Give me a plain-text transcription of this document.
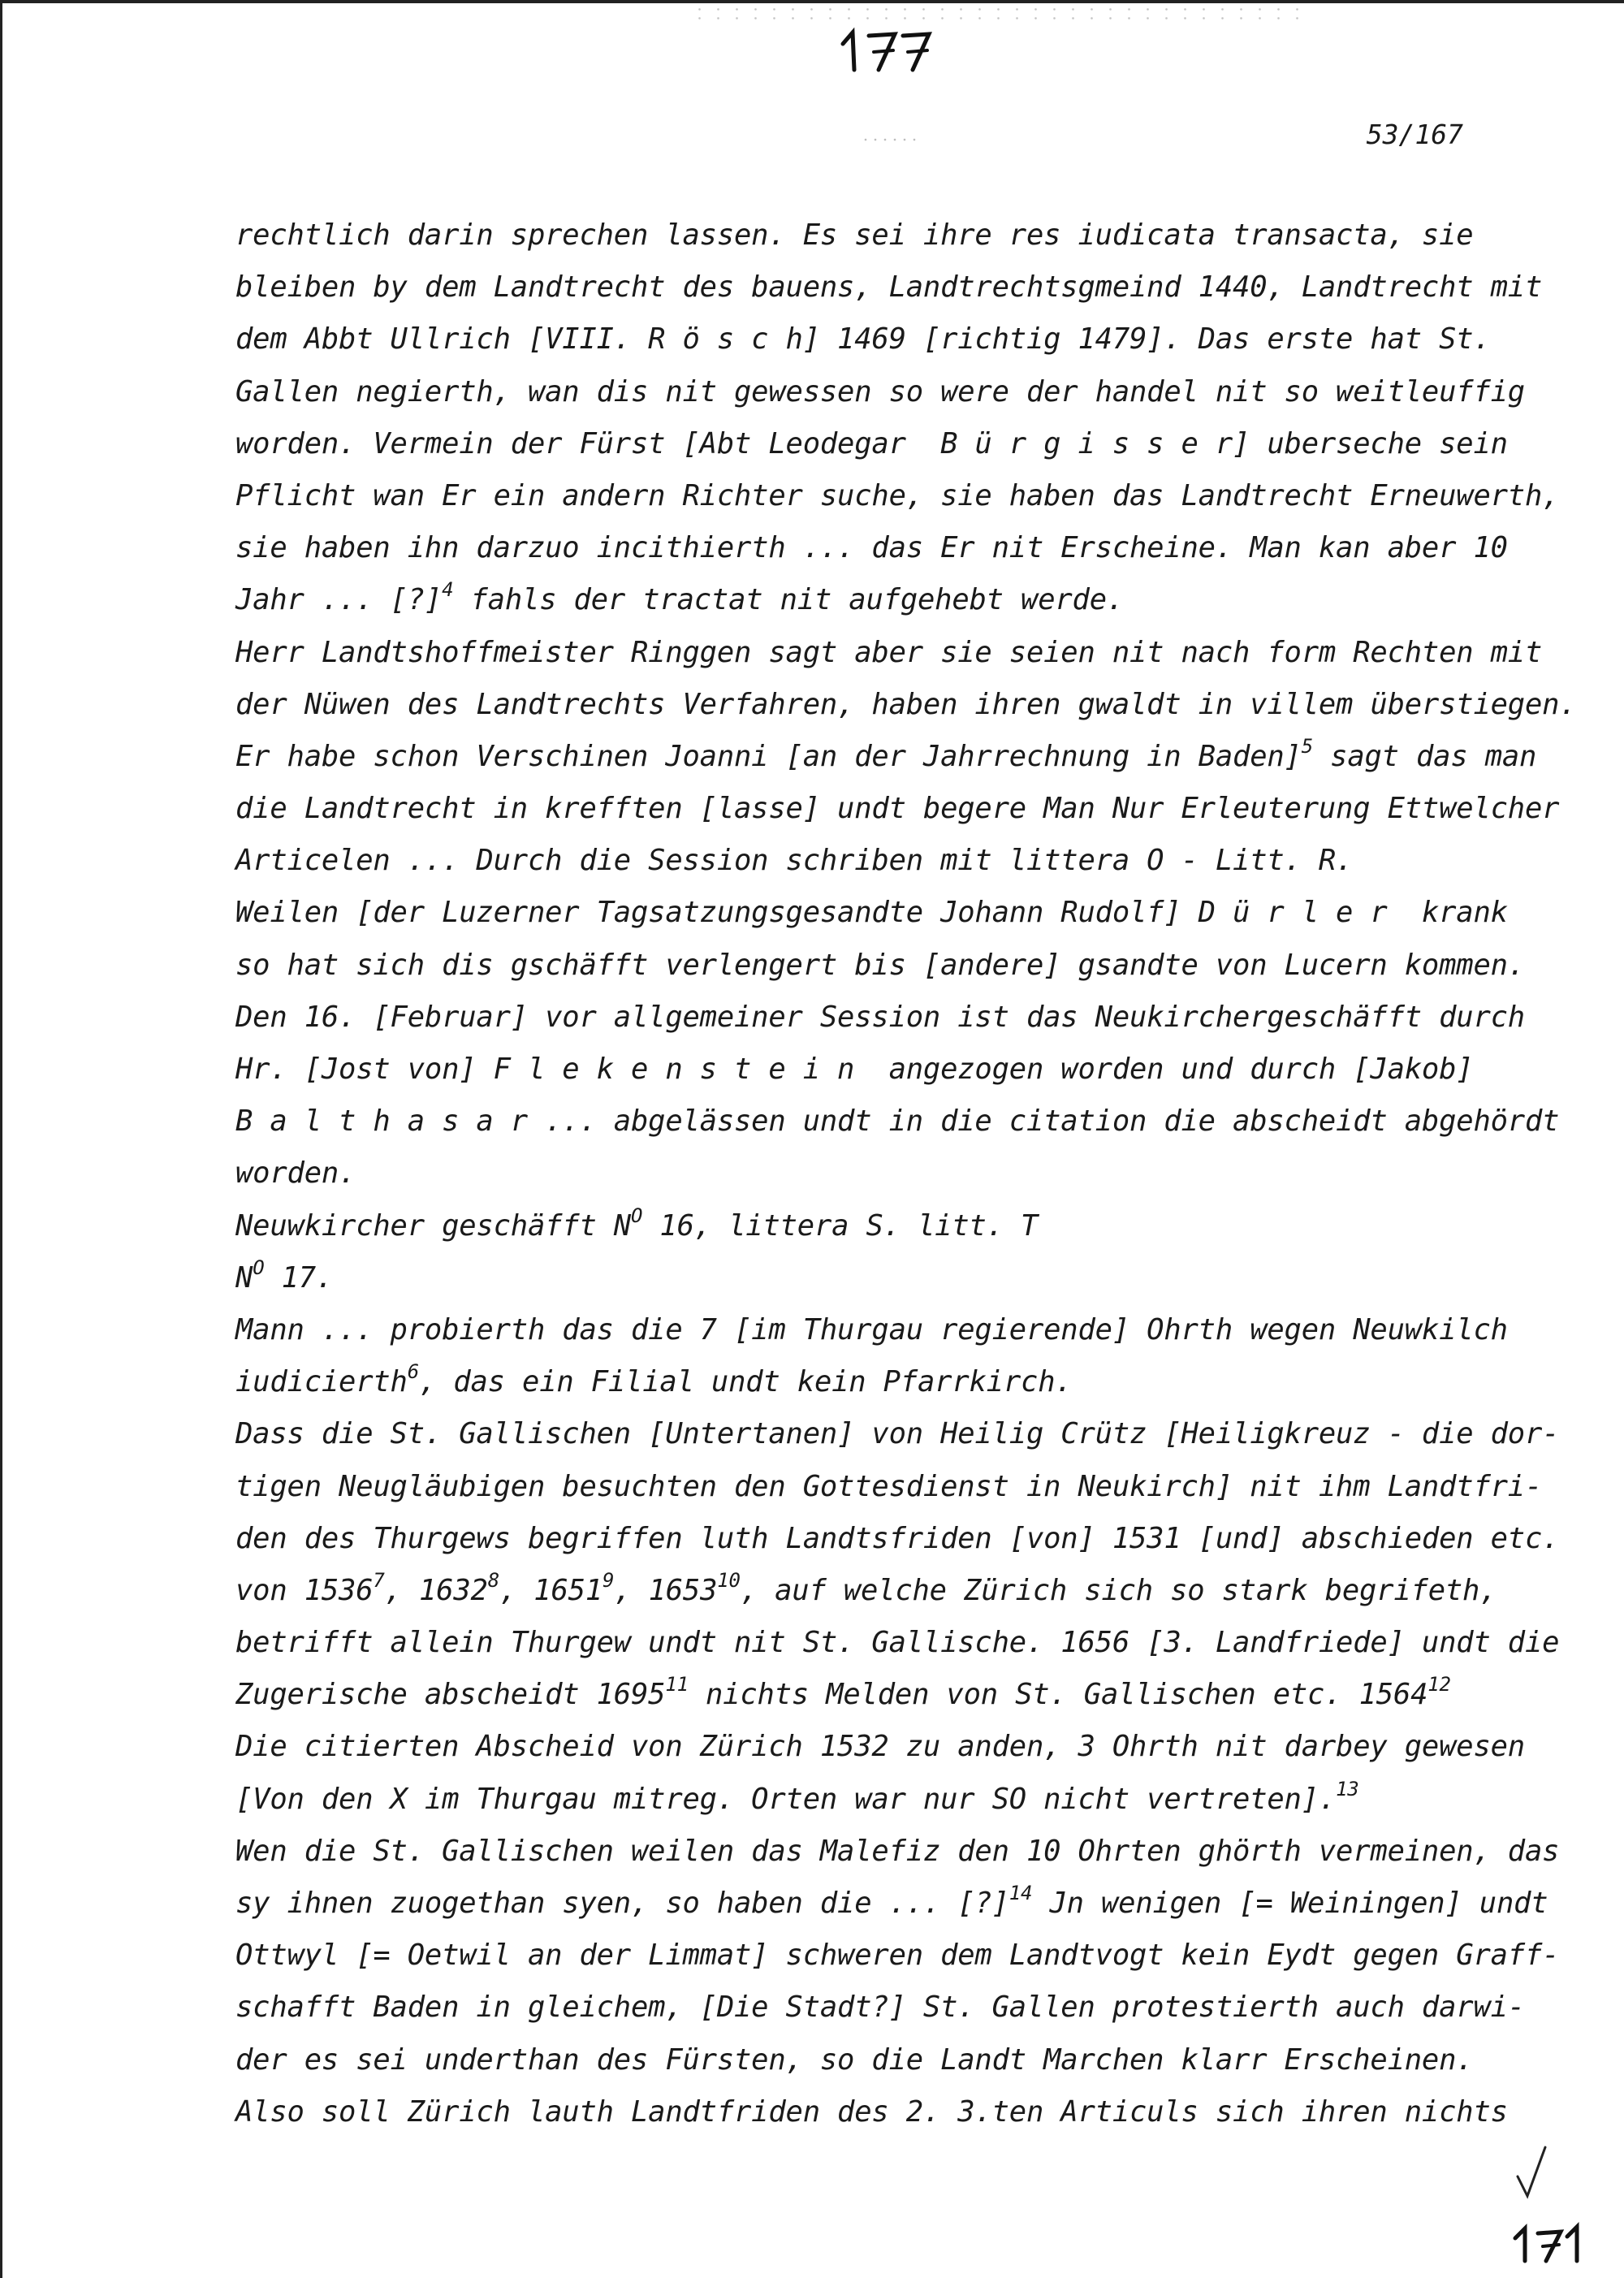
53/167
rechtlich darin sprechen lassen. Es sei ihre res iudicata transacta, sie
bleiben by dem Landtrecht des bauens, Landtrechtsgmeind 1440, Landtrecht mit
dem Abbt Ullrich [VIII. R ö s c h] 1469 [richtig 1479]. Das erste hat St.
Gallen negierth, wan dis nit gewessen so were der handel nit so weitleuffig
worden. Vermein der Fürst [Abt Leodegar  B ü r g i s s e r] uberseche sein
Pflicht wan Er ein andern Richter suche, sie haben das Landtrecht Erneuwerth,
sie haben ihn darzuo incithierth ... das Er nit Erscheine. Man kan aber 10
Jahr ... [?]$^4$ fahls der tractat nit aufgehebt werde.
Herr Landtshoffmeister Ringgen sagt aber sie seien nit nach form Rechten mit
der Nüwen des Landtrechts Verfahren, haben ihren gwaldt in villem überstiegen.
Er habe schon Verschinen Joanni [an der Jahrrechnung in Baden]$^5$ sagt das man
die Landtrecht in krefften [lasse] undt begere Man Nur Erleuterung Ettwelcher
Articelen ... Durch die Session schriben mit littera O - Litt. R.
Weilen [der Luzerner Tagsatzungsgesandte Johann Rudolf] D ü r l e r  krank
so hat sich dis gschäfft verlengert bis [andere] gsandte von Lucern kommen.
Den 16. [Februar] vor allgemeiner Session ist das Neukirchergeschäfft durch
Hr. [Jost von] F l e k e n s t e i n  angezogen worden und durch [Jakob]
B a l t h a s a r ... abgelässen undt in die citation die abscheidt abgehördt
worden.
Neuwkircher geschäfft $N^O$ 16, littera S. litt. T
$N^O$ 17.
Mann ... probierth das die 7 [im Thurgau regierende] Ohrth wegen Neuwkilch
iudicierth$^6$, das ein Filial undt kein Pfarrkirch.
Dass die St. Gallischen [Untertanen] von Heilig Crütz [Heiligkreuz - die dor-
tigen Neugläubigen besuchten den Gottesdienst in Neukirch] nit ihm Landtfri-
den des Thurgews begriffen luth Landtsfriden [von] 1531 [und] abschieden etc.
von 1536$^7$, 1632$^8$, 1651$^9$, 1653$^{10}$, auf welche Zürich sich so stark begrifeth,
betrifft allein Thurgew undt nit St. Gallische. 1656 [3. Landfriede] undt die
Zugerische abscheidt 1695$^{11}$ nichts Melden von St. Gallischen etc. 1564$^{12}$
Die citierten Abscheid von Zürich 1532 zu anden, 3 Ohrth nit darbey gewesen
[Von den X im Thurgau mitreg. Orten war nur SO nicht vertreten].$^{13}$
Wen die St. Gallischen weilen das Malefiz den 10 Ohrten ghörth vermeinen, das
sy ihnen zuogethan syen, so haben die ... [?]$^{14}$ Jn wenigen [= Weiningen] undt
Ottwyl [= Oetwil an der Limmat] schweren dem Landtvogt kein Eydt gegen Graff-
schafft Baden in gleichem, [Die Stadt?] St. Gallen protestierth auch darwi-
der es sei underthan des Fürsten, so die Landt Marchen klarr Erscheinen.
Also soll Zürich lauth Landtfriden des 2. 3.ten Articuls sich ihren nichts
